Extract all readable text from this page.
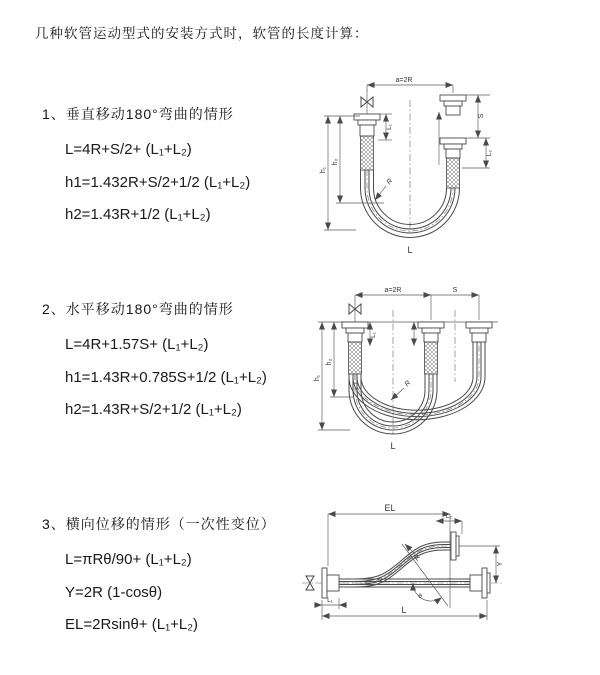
几种软管运动型式的安装方式时，软管的长度计算：
1、垂直移动180°弯曲的情形
L=4R+S/2+ (L₁+L₂)
h1=1.432R+S/2+1/2 (L₁+L₂)
h2=1.43R+1/2 (L₁+L₂)
2、水平移动180°弯曲的情形
L=4R+1.57S+ (L₁+L₂)
h1=1.43R+0.785S+1/2 (L₁+L₂)
h2=1.43R+S/2+1/2 (L₁+L₂)
3、横向位移的情形（一次性变位）
L=πRθ/90+ (L₁+L₂)
Y=2R (1-cosθ)
EL=2Rsinθ+ (L₁+L₂)
a=2R
h₁
h₂
L₁
S
L₂
R
L
a=2R	S
h₁
h₂
L₁
R
L
EL
L₂
Y
θ
R
L₁
L
